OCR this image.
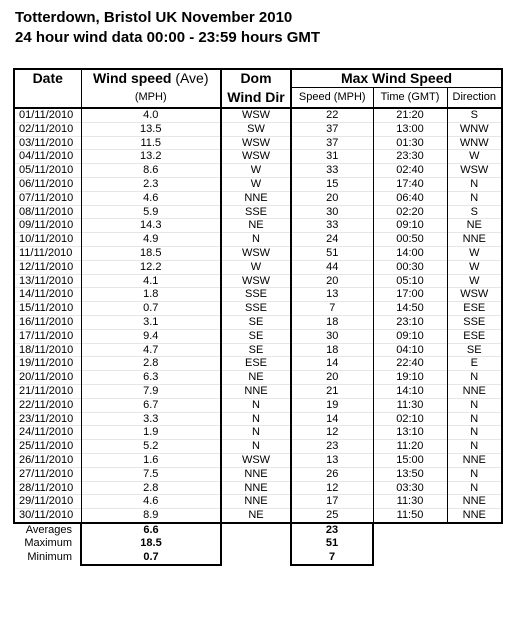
Totterdown, Bristol UK November 2010
24 hour wind data 00:00 - 23:59 hours GMT
Date	Wind speed (Ave)	Dom	Max Wind Speed		
	(MPH)	Wind Dir	Speed (MPH)	Time (GMT)	Direction
01/11/2010	4.0	WSW	22	21:20	S
02/11/2010	13.5	SW	37	13:00	WNW
03/11/2010	11.5	WSW	37	01:30	WNW
04/11/2010	13.2	WSW	31	23:30	W
05/11/2010	8.6	W	33	02:40	WSW
06/11/2010	2.3	W	15	17:40	N
07/11/2010	4.6	NNE	20	06:40	N
08/11/2010	5.9	SSE	30	02:20	S
09/11/2010	14.3	NE	33	09:10	NE
10/11/2010	4.9	N	24	00:50	NNE
11/11/2010	18.5	WSW	51	14:00	W
12/11/2010	12.2	W	44	00:30	W
13/11/2010	4.1	WSW	20	05:10	W
14/11/2010	1.8	SSE	13	17:00	WSW
15/11/2010	0.7	SSE	7	14:50	ESE
16/11/2010	3.1	SE	18	23:10	SSE
17/11/2010	9.4	SE	30	09:10	ESE
18/11/2010	4.7	SE	18	04:10	SE
19/11/2010	2.8	ESE	14	22:40	E
20/11/2010	6.3	NE	20	19:10	N
21/11/2010	7.9	NNE	21	14:10	NNE
22/11/2010	6.7	N	19	11:30	N
23/11/2010	3.3	N	14	02:10	N
24/11/2010	1.9	N	12	13:10	N
25/11/2010	5.2	N	23	11:20	N
26/11/2010	1.6	WSW	13	15:00	NNE
27/11/2010	7.5	NNE	26	13:50	N
28/11/2010	2.8	NNE	12	03:30	N
29/11/2010	4.6	NNE	17	11:30	NNE
30/11/2010	8.9	NE	25	11:50	NNE
Averages	6.6		23		
Maximum	18.5		51		
Minimum	0.7		7		
